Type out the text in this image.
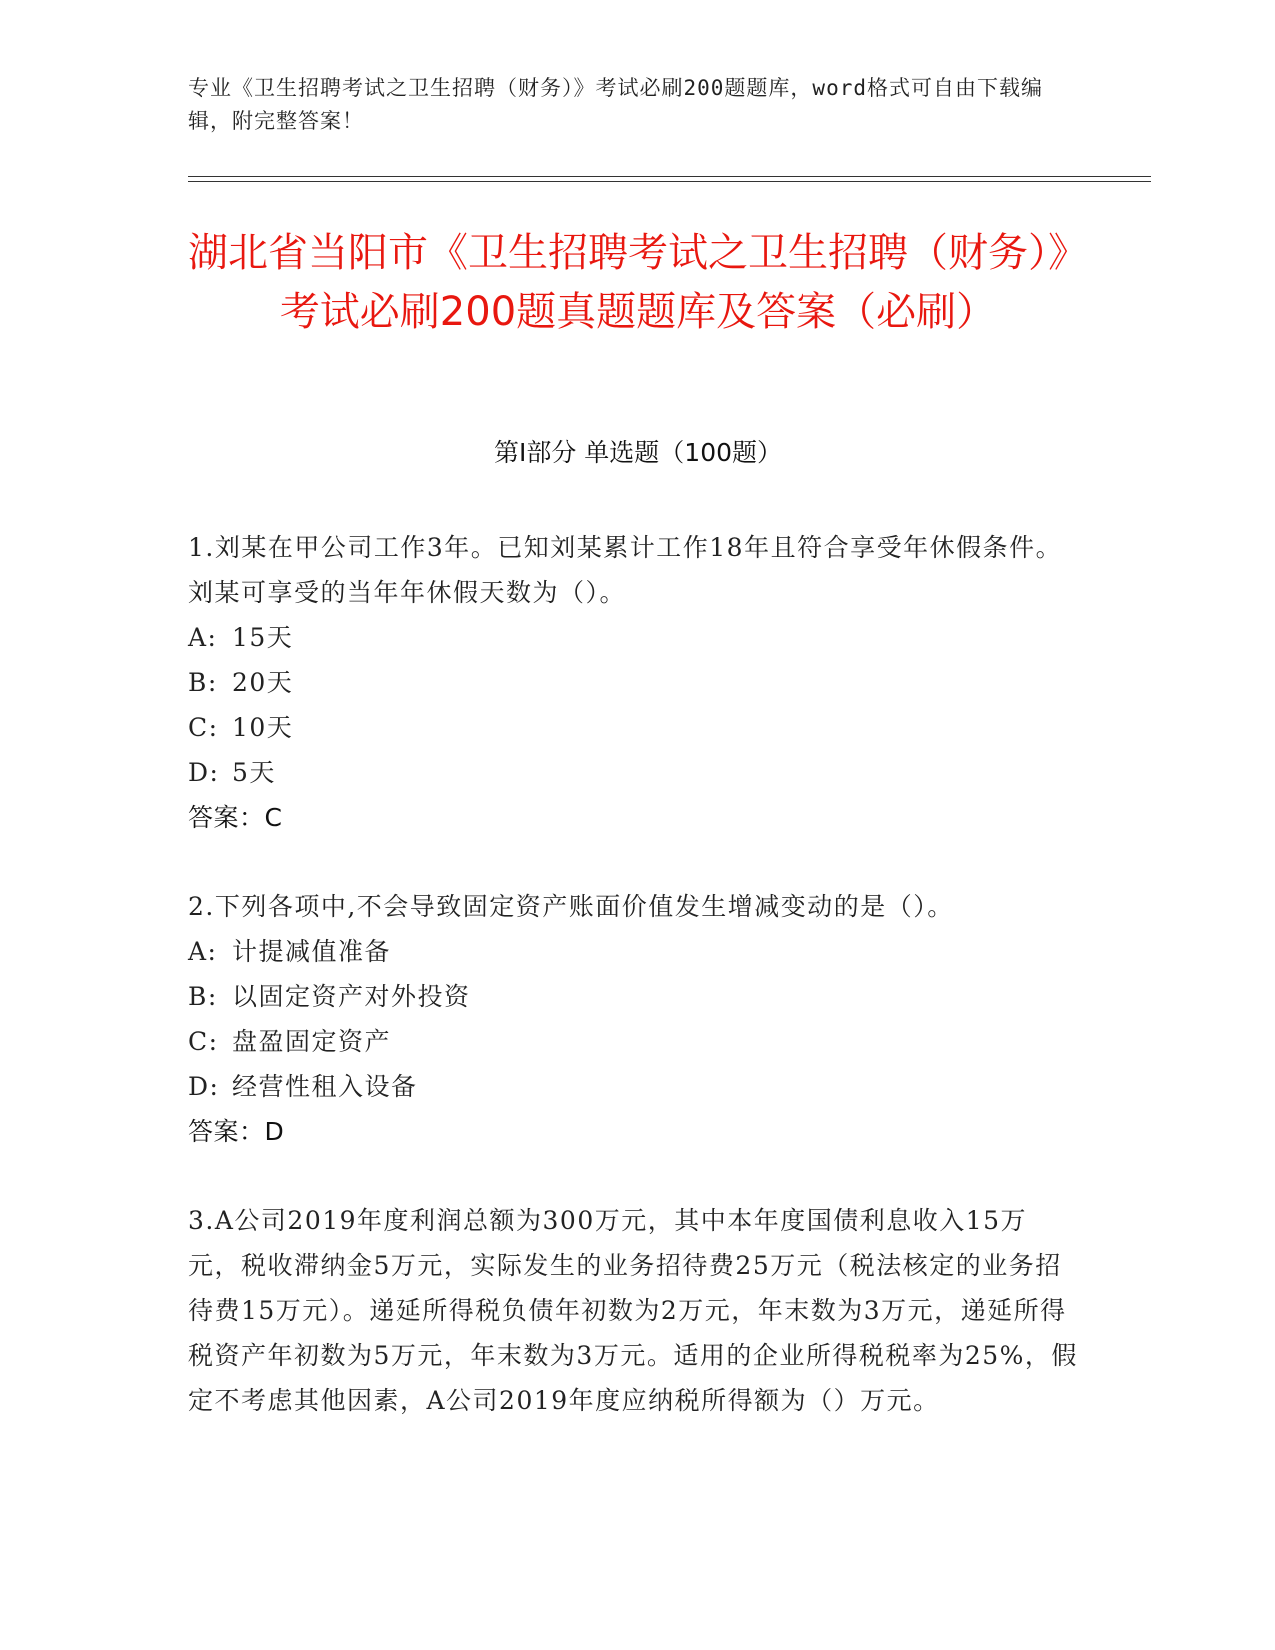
专业《卫生招聘考试之卫生招聘（财务）》考试必刷200题题库，word格式可自由下载编辑，附完整答案！
湖北省当阳市《卫生招聘考试之卫生招聘（财务）》考试必刷200题真题题库及答案（必刷）
第Ⅰ部分 单选题（100题）

1.刘某在甲公司工作3年。已知刘某累计工作18年且符合享受年休假条件。刘某可享受的当年年休假天数为（）。

A: 15天

B: 20天

C: 10天

D: 5天

答案：C

2.下列各项中,不会导致固定资产账面价值发生增减变动的是（）。

A: 计提减值准备

B: 以固定资产对外投资

C: 盘盈固定资产

D: 经营性租入设备

答案：D

3.A公司2019年度利润总额为300万元，其中本年度国债利息收入15万元，税收滞纳金5万元，实际发生的业务招待费25万元（税法核定的业务招待费15万元）。递延所得税负债年初数为2万元，年末数为3万元，递延所得税资产年初数为5万元，年末数为3万元。适用的企业所得税税率为25%，假定不考虑其他因素，A公司2019年度应纳税所得额为（）万元。
